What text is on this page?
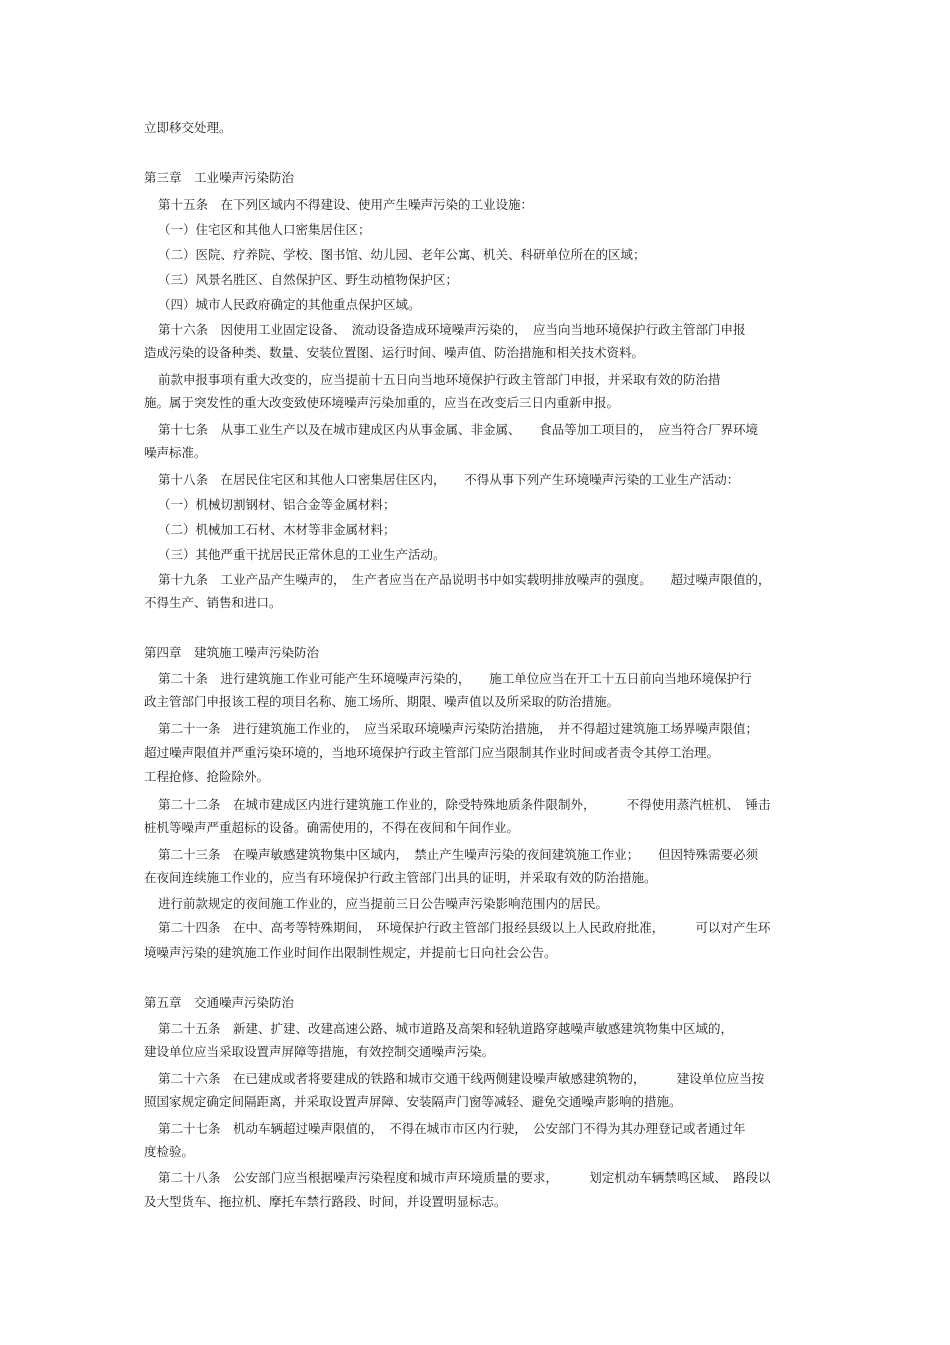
立即移交处理。
第三章　工业噪声污染防治
第十五条　在下列区域内不得建设、使用产生噪声污染的工业设施：
（一）住宅区和其他人口密集居住区；
（二）医院、疗养院、学校、图书馆、幼儿园、老年公寓、机关、科研单位所在的区域；
（三）风景名胜区、自然保护区、野生动植物保护区；
（四）城市人民政府确定的其他重点保护区域。
第十六条　因使用工业固定设备、　流动设备造成环境噪声污染的，　应当向当地环境保护行政主管部门申报
造成污染的设备种类、数量、安装位置图、运行时间、噪声值、防治措施和相关技术资料。
前款申报事项有重大改变的，应当提前十五日向当地环境保护行政主管部门申报，并采取有效的防治措
施。属于突发性的重大改变致使环境噪声污染加重的，应当在改变后三日内重新申报。
第十七条　从事工业生产以及在城市建成区内从事金属、非金属、　　食品等加工项目的，　应当符合厂界环境
噪声标准。
第十八条　在居民住宅区和其他人口密集居住区内，　　不得从事下列产生环境噪声污染的工业生产活动：
（一）机械切割钢材、铝合金等金属材料；
（二）机械加工石材、木材等非金属材料；
（三）其他严重干扰居民正常休息的工业生产活动。
第十九条　工业产品产生噪声的，　生产者应当在产品说明书中如实载明排放噪声的强度。　　超过噪声限值的，
不得生产、销售和进口。
第四章　建筑施工噪声污染防治
第二十条　进行建筑施工作业可能产生环境噪声污染的，　　施工单位应当在开工十五日前向当地环境保护行
政主管部门申报该工程的项目名称、施工场所、期限、噪声值以及所采取的防治措施。
第二十一条　进行建筑施工作业的，　应当采取环境噪声污染防治措施，　并不得超过建筑施工场界噪声限值；
超过噪声限值并严重污染环境的，当地环境保护行政主管部门应当限制其作业时间或者责令其停工治理。
工程抢修、抢险除外。
第二十二条　在城市建成区内进行建筑施工作业的，除受特殊地质条件限制外，　　　不得使用蒸汽桩机、　锤击
桩机等噪声严重超标的设备。确需使用的，不得在夜间和午间作业。
第二十三条　在噪声敏感建筑物集中区域内，　禁止产生噪声污染的夜间建筑施工作业；　　但因特殊需要必须
在夜间连续施工作业的，应当有环境保护行政主管部门出具的证明，并采取有效的防治措施。
进行前款规定的夜间施工作业的，应当提前三日公告噪声污染影响范围内的居民。
第二十四条　在中、高考等特殊期间，　环境保护行政主管部门报经县级以上人民政府批准，　　　可以对产生环
境噪声污染的建筑施工作业时间作出限制性规定，并提前七日向社会公告。
第五章　交通噪声污染防治
第二十五条　新建、扩建、改建高速公路、城市道路及高架和轻轨道路穿越噪声敏感建筑物集中区域的，
建设单位应当采取设置声屏障等措施，有效控制交通噪声污染。
第二十六条　在已建成或者将要建成的铁路和城市交通干线两侧建设噪声敏感建筑物的，　　　建设单位应当按
照国家规定确定间隔距离，并采取设置声屏障、安装隔声门窗等减轻、避免交通噪声影响的措施。
第二十七条　机动车辆超过噪声限值的，　不得在城市市区内行驶，　公安部门不得为其办理登记或者通过年
度检验。
第二十八条　公安部门应当根据噪声污染程度和城市声环境质量的要求，　　　划定机动车辆禁鸣区域、　路段以
及大型货车、拖拉机、摩托车禁行路段、时间，并设置明显标志。
